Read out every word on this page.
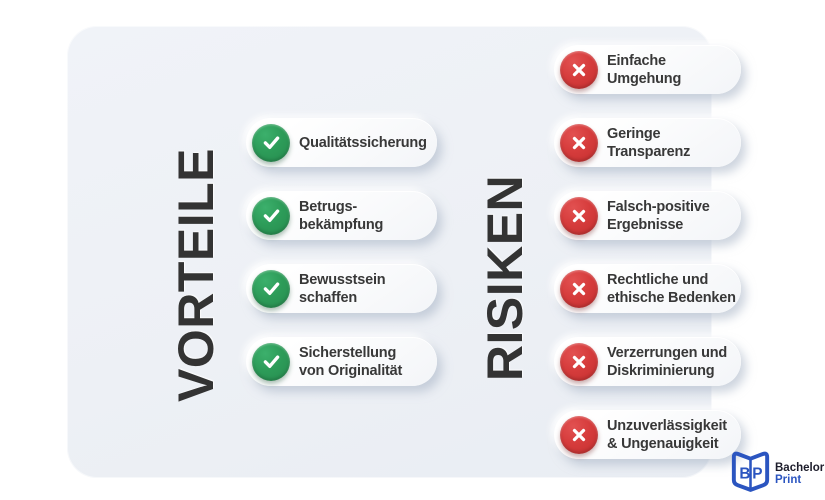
VORTEILE	RISIKEN
Qualitätssicherung
Betrugs-
bekämpfung
Bewusstsein
schaffen
Sicherstellung
von Originalität
Einfache
Umgehung
Geringe
Transparenz
Falsch-positive
Ergebnisse
Rechtliche und
ethische Bedenken
Verzerrungen und
Diskriminierung
Unzuverlässigkeit
& Ungenauigkeit
B P Bachelor
Print
